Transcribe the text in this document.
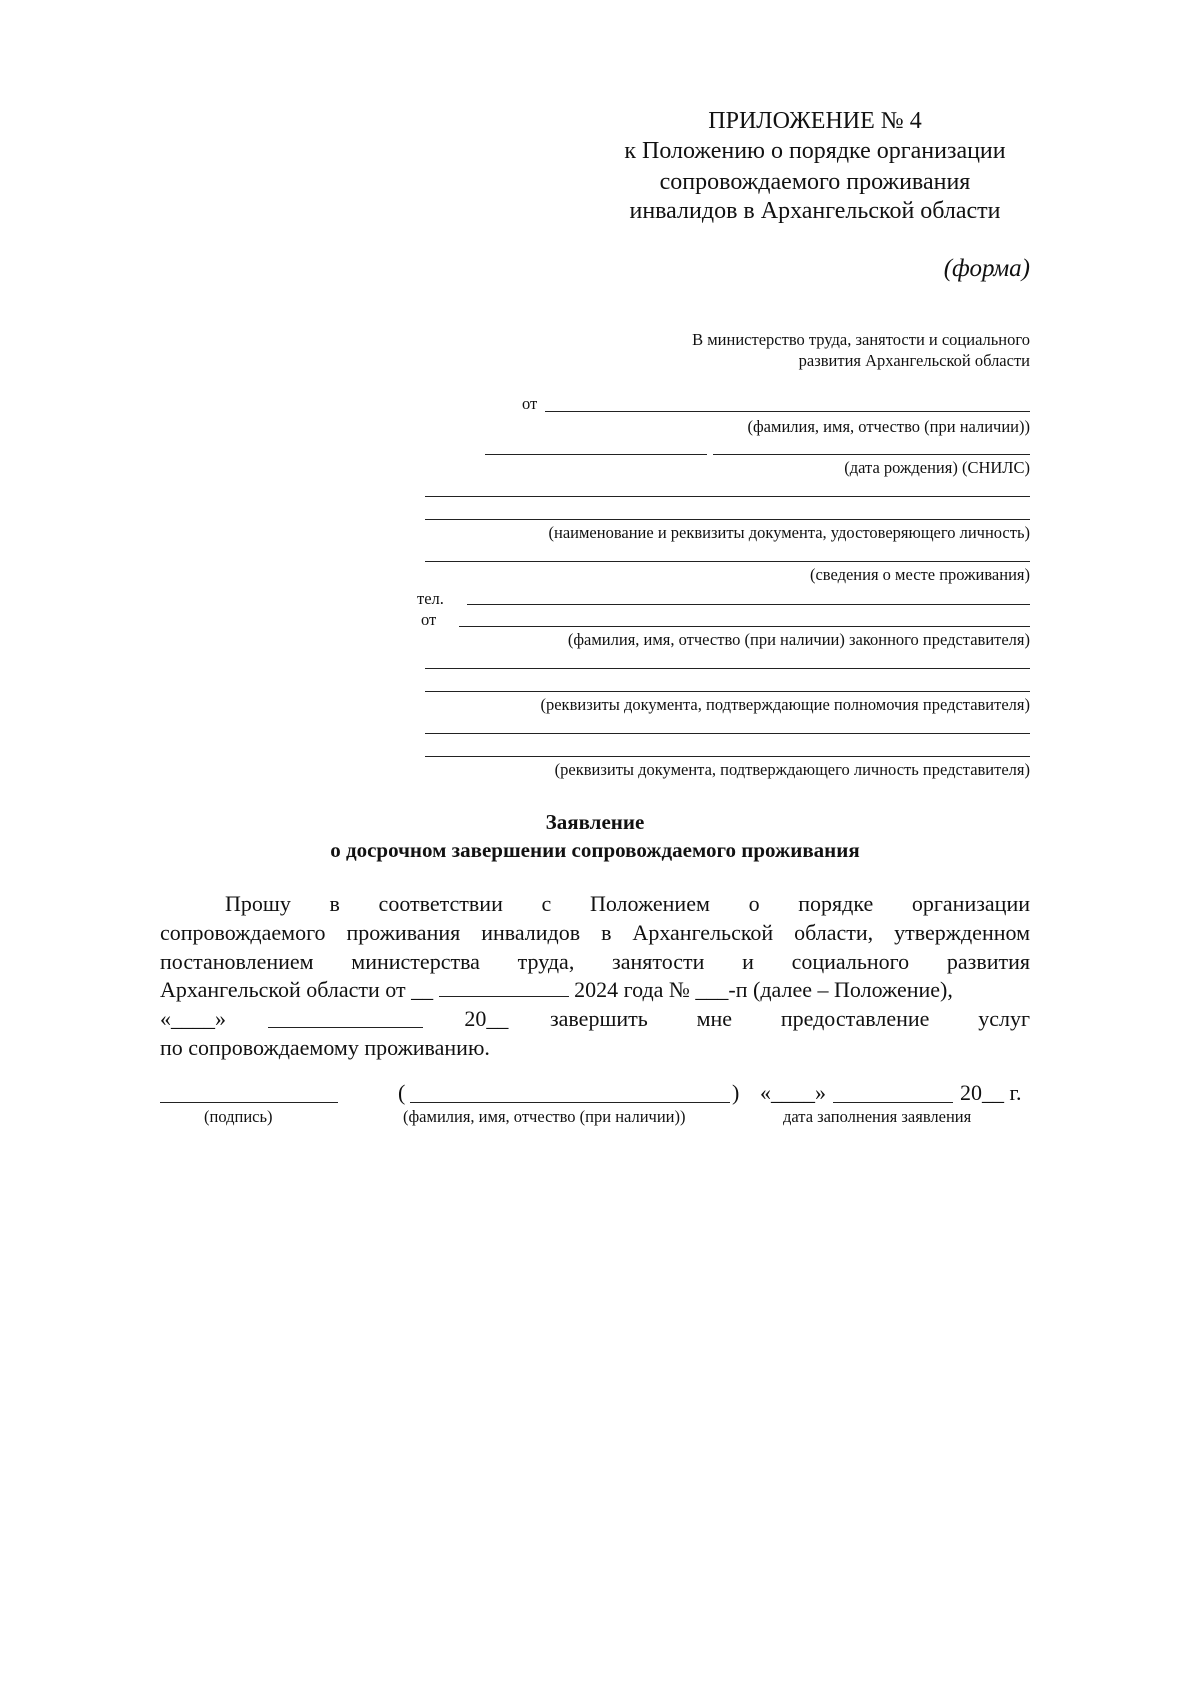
ПРИЛОЖЕНИЕ № 4
к Положению о порядке организации
сопровождаемого проживания
инвалидов в Архангельской области
(форма)
В министерство труда, занятости и социального
развития Архангельской области
от
(фамилия, имя, отчество (при наличии))
(дата рождения) (СНИЛС)
(наименование и реквизиты документа, удостоверяющего личность)
(сведения о месте проживания)
тел.
от
(фамилия, имя, отчество (при наличии) законного представителя)
(реквизиты документа, подтверждающие полномочия представителя)
(реквизиты документа, подтверждающего личность представителя)
Заявление
о досрочном завершении сопровождаемого проживания
Прошу в соответствии с Положением о порядке организации
сопровождаемого проживания инвалидов в Архангельской области, утвержденном
постановлением министерства труда, занятости и социального развития
Архангельской области от __	2024 года № ___-п (далее – Положение),
«____»	20__ завершить мне предоставление услуг
по сопровождаемому проживанию.
(	) «____»	20__ г.
(подпись)	(фамилия, имя, отчество (при наличии))	дата заполнения заявления
